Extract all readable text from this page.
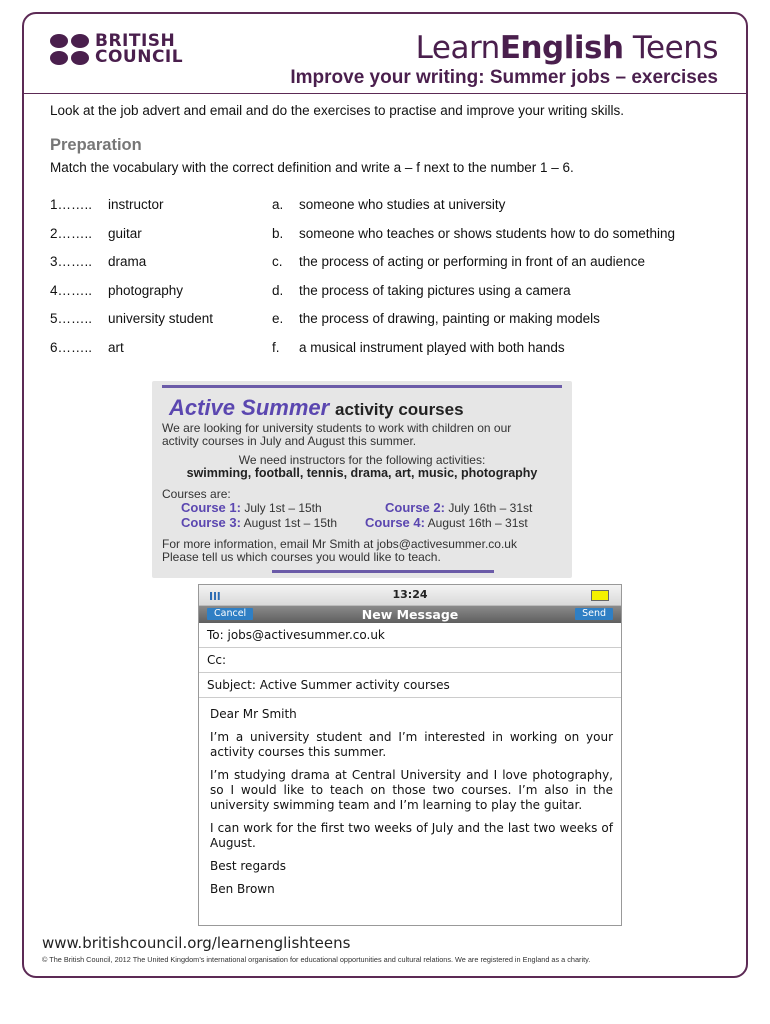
BRITISH
COUNCIL	LearnEnglish Teens
Improve your writing: Summer jobs – exercises
Look at the job advert and email and do the exercises to practise and improve your writing skills.
Preparation
Match the vocabulary with the correct definition and write a – f next to the number 1 – 6.
1…….. instructor	a. someone who studies at university
2…….. guitar	b. someone who teaches or shows students how to do something
3…….. drama	c. the process of acting or performing in front of an audience
4…….. photography	d. the process of taking pictures using a camera
5…….. university student	e. the process of drawing, painting or making models
6…….. art	f. a musical instrument played with both hands
Active Summer activity courses
We are looking for university students to work with children on our
activity courses in July and August this summer.
We need instructors for the following activities:
swimming, football, tennis, drama, art, music, photography
Courses are:
Course 1: July 1st – 15th	Course 2: July 16th – 31st
Course 3: August 1st – 15th Course 4: August 16th – 31st
For more information, email Mr Smith at jobs@activesummer.co.uk
Please tell us which courses you would like to teach.
Ill	13:24
Cancel	New Message	Send
To: jobs@activesummer.co.uk
Cc:
Subject: Active Summer activity courses

Dear Mr Smith

I’m a university student and I’m interested in working on your activity courses this summer.

I’m studying drama at Central University and I love photography, so I would like to teach on those two courses. I’m also in the university swimming team and I’m learning to play the guitar.

I can work for the first two weeks of July and the last two weeks of August.

Best regards

Ben Brown

www.britishcouncil.org/learnenglishteens
© The British Council, 2012 The United Kingdom’s international organisation for educational opportunities and cultural relations. We are registered in England as a charity.
